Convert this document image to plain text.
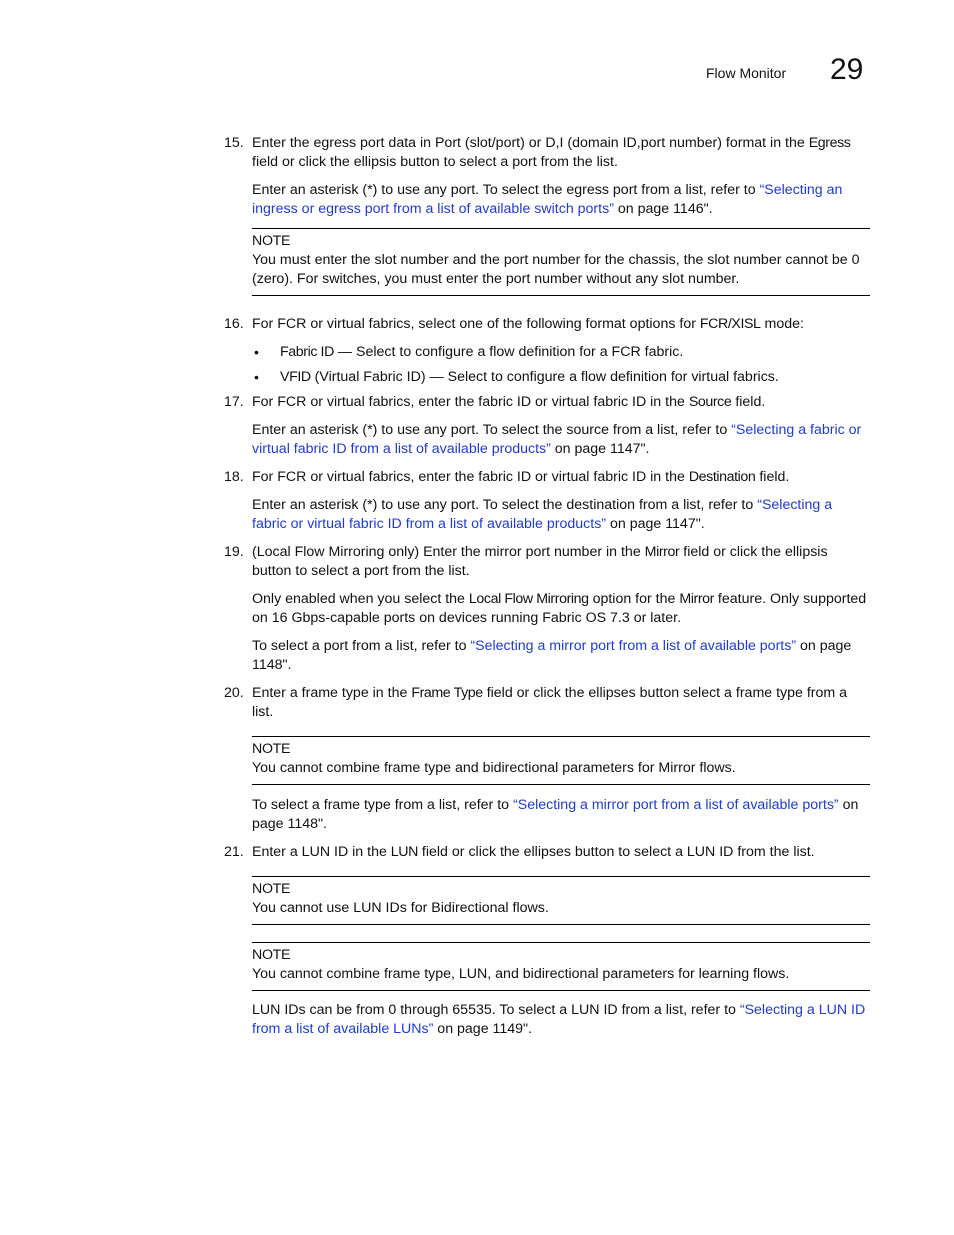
Flow Monitor 29
15. Enter the egress port data in Port (slot/port) or D,I (domain ID,port number) format in the Egress field or click the ellipsis button to select a port from the list.
Enter an asterisk (*) to use any port. To select the egress port from a list, refer to “Selecting an ingress or egress port from a list of available switch ports” on page 1146".
NOTE
You must enter the slot number and the port number for the chassis, the slot number cannot be 0 (zero). For switches, you must enter the port number without any slot number.
16. For FCR or virtual fabrics, select one of the following format options for FCR/XISL mode:
• Fabric ID — Select to configure a flow definition for a FCR fabric.
• VFID (Virtual Fabric ID) — Select to configure a flow definition for virtual fabrics.
17. For FCR or virtual fabrics, enter the fabric ID or virtual fabric ID in the Source field.
Enter an asterisk (*) to use any port. To select the source from a list, refer to “Selecting a fabric or virtual fabric ID from a list of available products” on page 1147".
18. For FCR or virtual fabrics, enter the fabric ID or virtual fabric ID in the Destination field.
Enter an asterisk (*) to use any port. To select the destination from a list, refer to “Selecting a fabric or virtual fabric ID from a list of available products” on page 1147".
19. (Local Flow Mirroring only) Enter the mirror port number in the Mirror field or click the ellipsis button to select a port from the list.
Only enabled when you select the Local Flow Mirroring option for the Mirror feature. Only supported on 16 Gbps-capable ports on devices running Fabric OS 7.3 or later.
To select a port from a list, refer to “Selecting a mirror port from a list of available ports” on page 1148".
20. Enter a frame type in the Frame Type field or click the ellipses button select a frame type from a list.
NOTE
You cannot combine frame type and bidirectional parameters for Mirror flows.
To select a frame type from a list, refer to “Selecting a mirror port from a list of available ports” on page 1148".
21. Enter a LUN ID in the LUN field or click the ellipses button to select a LUN ID from the list.
NOTE
You cannot use LUN IDs for Bidirectional flows.
NOTE
You cannot combine frame type, LUN, and bidirectional parameters for learning flows.
LUN IDs can be from 0 through 65535. To select a LUN ID from a list, refer to “Selecting a LUN ID from a list of available LUNs” on page 1149".
